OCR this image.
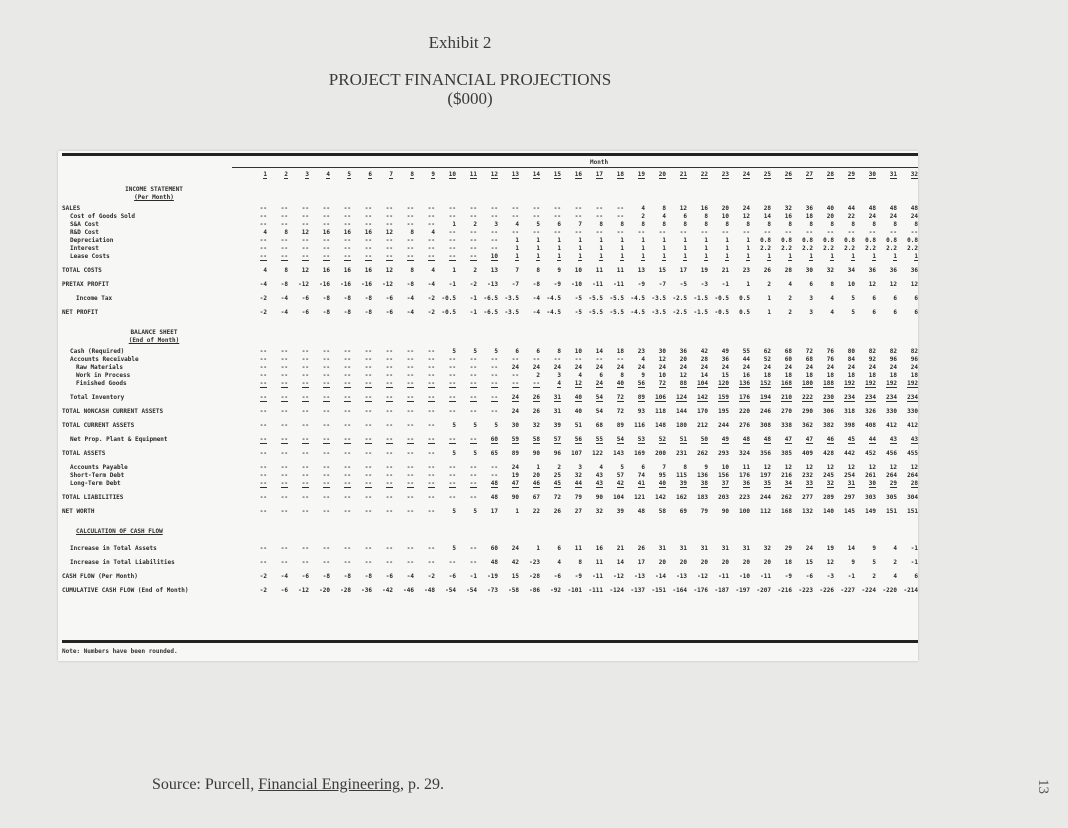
Exhibit 2
PROJECT FINANCIAL PROJECTIONS
($000)
Month
	1	2	3	4	5	6	7	8	9	10	11	12	13	14	15	16	17	18	19	20	21	22	23	24	25	26	27	28	29	30	31	32

INCOME STATEMENT																																
(Per Month)																																

SALES	--	--	--	--	--	--	--	--	--	--	--	--	--	--	--	--	--	--	4	8	12	16	20	24	28	32	36	40	44	48	48	48
Cost of Goods Sold	--	--	--	--	--	--	--	--	--	--	--	--	--	--	--	--	--	--	2	4	6	8	10	12	14	16	18	20	22	24	24	24
S&A Cost	--	--	--	--	--	--	--	--	--	1	2	3	4	5	6	7	8	8	8	8	8	8	8	8	8	8	8	8	8	8	8	8
R&D Cost	4	8	12	16	16	16	12	8	4	--	--	--	--	--	--	--	--	--	--	--	--	--	--	--	--	--	--	--	--	--	--	--
Depreciation	--	--	--	--	--	--	--	--	--	--	--	--	1	1	1	1	1	1	1	1	1	1	1	1	0.8	0.8	0.8	0.8	0.8	0.8	0.8	0.8
Interest	--	--	--	--	--	--	--	--	--	--	--	--	1	1	1	1	1	1	1	1	1	1	1	1	2.2	2.2	2.2	2.2	2.2	2.2	2.2	2.2
Lease Costs	--	--	--	--	--	--	--	--	--	--	--	10	1	1	1	1	1	1	1	1	1	1	1	1	1	1	1	1	1	1	1	1

TOTAL COSTS	4	8	12	16	16	16	12	8	4	1	2	13	7	8	9	10	11	11	13	15	17	19	21	23	26	28	30	32	34	36	36	36

PRETAX PROFIT	-4	-8	-12	-16	-16	-16	-12	-8	-4	-1	-2	-13	-7	-8	-9	-10	-11	-11	-9	-7	-5	-3	-1	1	2	4	6	8	10	12	12	12

Income Tax	-2	-4	-6	-8	-8	-8	-6	-4	-2	-0.5	-1	-6.5	-3.5	-4	-4.5	-5	-5.5	-5.5	-4.5	-3.5	-2.5	-1.5	-0.5	0.5	1	2	3	4	5	6	6	6

NET PROFIT	-2	-4	-6	-8	-8	-8	-6	-4	-2	-0.5	-1	-6.5	-3.5	-4	-4.5	-5	-5.5	-5.5	-4.5	-3.5	-2.5	-1.5	-0.5	0.5	1	2	3	4	5	6	6	6

BALANCE SHEET																																
(End of Month)																																

Cash (Required)	--	--	--	--	--	--	--	--	--	5	5	5	6	6	8	10	14	18	23	30	36	42	49	55	62	68	72	76	80	82	82	82
Accounts Receivable	--	--	--	--	--	--	--	--	--	--	--	--	--	--	--	--	--	--	4	12	20	28	36	44	52	60	68	76	84	92	96	96
Raw Materials	--	--	--	--	--	--	--	--	--	--	--	--	24	24	24	24	24	24	24	24	24	24	24	24	24	24	24	24	24	24	24	24
Work in Process	--	--	--	--	--	--	--	--	--	--	--	--	--	2	3	4	6	8	9	10	12	14	15	16	18	18	18	18	18	18	18	18
Finished Goods	--	--	--	--	--	--	--	--	--	--	--	--	--	--	4	12	24	40	56	72	88	104	120	136	152	168	180	188	192	192	192	192

Total Inventory	--	--	--	--	--	--	--	--	--	--	--	--	24	26	31	40	54	72	89	106	124	142	159	176	194	210	222	230	234	234	234	234

TOTAL NONCASH CURRENT ASSETS	--	--	--	--	--	--	--	--	--	--	--	--	24	26	31	40	54	72	93	118	144	170	195	220	246	270	290	306	318	326	330	330

TOTAL CURRENT ASSETS	--	--	--	--	--	--	--	--	--	5	5	5	30	32	39	51	68	89	116	148	180	212	244	276	308	338	362	382	398	408	412	412

Net Prop. Plant & Equipment	--	--	--	--	--	--	--	--	--	--	--	60	59	58	57	56	55	54	53	52	51	50	49	48	48	47	47	46	45	44	43	43

TOTAL ASSETS	--	--	--	--	--	--	--	--	--	5	5	65	89	90	96	107	122	143	169	200	231	262	293	324	356	385	409	428	442	452	456	455

Accounts Payable	--	--	--	--	--	--	--	--	--	--	--	--	24	1	2	3	4	5	6	7	8	9	10	11	12	12	12	12	12	12	12	12
Short-Term Debt	--	--	--	--	--	--	--	--	--	--	--	--	19	20	25	32	43	57	74	95	115	136	156	176	197	216	232	245	254	261	264	264
Long-Term Debt	--	--	--	--	--	--	--	--	--	--	--	48	47	46	45	44	43	42	41	40	39	38	37	36	35	34	33	32	31	30	29	28

TOTAL LIABILITIES	--	--	--	--	--	--	--	--	--	--	--	48	90	67	72	79	90	104	121	142	162	183	203	223	244	262	277	289	297	303	305	304

NET WORTH	--	--	--	--	--	--	--	--	--	5	5	17	1	22	26	27	32	39	48	58	69	79	90	100	112	168	132	140	145	149	151	151

CALCULATION OF CASH FLOW																																

Increase in Total Assets	--	--	--	--	--	--	--	--	--	5	--	60	24	1	6	11	16	21	26	31	31	31	31	31	32	29	24	19	14	9	4	-1

Increase in Total Liabilities	--	--	--	--	--	--	--	--	--	--	--	48	42	-23	4	8	11	14	17	20	20	20	20	20	20	18	15	12	9	5	2	-1

CASH FLOW (Per Month)	-2	-4	-6	-8	-8	-8	-6	-4	-2	-6	-1	-19	15	-28	-6	-9	-11	-12	-13	-14	-13	-12	-11	-10	-11	-9	-6	-3	-1	2	4	6

CUMULATIVE CASH FLOW (End of Month)	-2	-6	-12	-20	-28	-36	-42	-46	-48	-54	-54	-73	-58	-86	-92	-101	-111	-124	-137	-151	-164	-176	-187	-197	-207	-216	-223	-226	-227	-224	-220	-214
Note: Numbers have been rounded.
Source: Purcell, Financial Engineering, p. 29.	13
